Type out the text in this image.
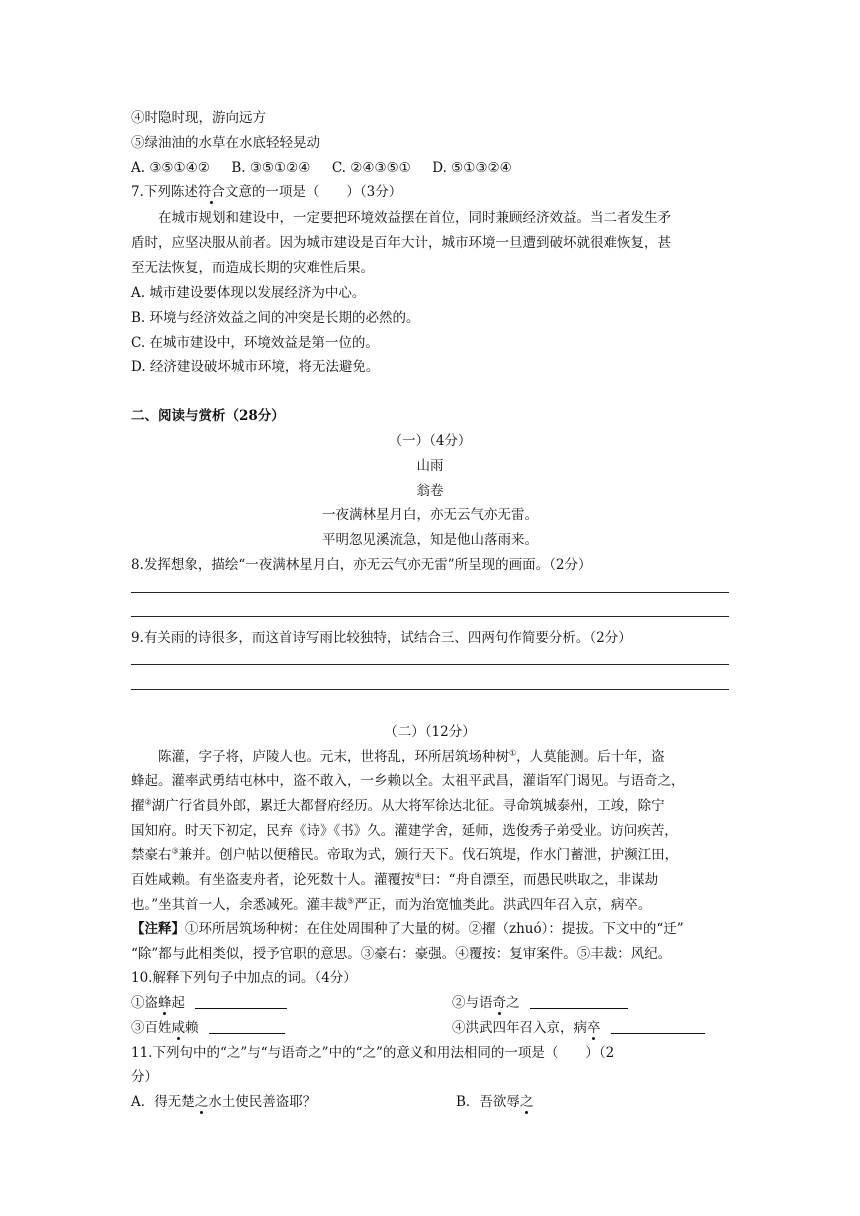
④时隐时现，游向远方
⑤绿油油的水草在水底轻轻晃动
A. ③⑤①④② B. ③⑤①②④ C. ②④③⑤① D. ⑤①③②④
7.下列陈述符合文意的一项是（　　）（3分）
在城市规划和建设中，一定要把环境效益摆在首位，同时兼顾经济效益。当二者发生矛
盾时，应坚决服从前者。因为城市建设是百年大计，城市环境一旦遭到破坏就很难恢复，甚
至无法恢复，而造成长期的灾难性后果。
A. 城市建设要体现以发展经济为中心。
B. 环境与经济效益之间的冲突是长期的必然的。
C. 在城市建设中，环境效益是第一位的。
D. 经济建设破坏城市环境，将无法避免。
二、阅读与赏析（28分）
（一）（4分）
山雨
翁卷
一夜满林星月白，亦无云气亦无雷。
平明忽见溪流急，知是他山落雨来。
8.发挥想象，描绘“一夜满林星月白，亦无云气亦无雷”所呈现的画面。（2分）
9.有关雨的诗很多，而这首诗写雨比较独特，试结合三、四两句作简要分析。（2分）
（二）（12分）
陈灌，字子将，庐陵人也。元末，世将乱，环所居筑场种树①，人莫能测。后十年，盗
蜂起。灌率武勇结屯林中，盗不敢入，一乡赖以全。太祖平武昌，灌诣军门谒见。与语奇之，
擢②湖广行省員外郎，累迁大都督府经历。从大将军徐达北征。寻命筑城泰州，工竣，除宁
国知府。时天下初定，民弃《诗》《书》久。灌建学舍，延师，选俊秀子弟受业。访问疾苦，
禁豪右③兼并。创户帖以便稽民。帝取为式，颁行天下。伐石筑堤，作水门蓄泄，护濒江田，
百姓咸赖。有坐盗麦舟者，论死数十人。灌覆按④曰：“舟自漂至，而愚民哄取之，非谋劫
也。”坐其首一人，余悉减死。灌丰裁⑤严正，而为治宽恤类此。洪武四年召入京，病卒。
【注释】①环所居筑场种树：在住处周围种了大量的树。②擢（zhuó）：提拔。下文中的“迁”
“除”都与此相类似，授予官职的意思。③豪右：豪强。④覆按：复审案件。⑤丰裁：风纪。
10.解释下列句子中加点的词。（4分）
①盗蜂起	②与语奇之
③百姓咸赖	④洪武四年召入京，病卒
11.下列句中的“之”与“与语奇之”中的“之”的意义和用法相同的一项是（　　）（2
分）
A．得无楚之水土使民善盗耶？	B．吾欲辱之
